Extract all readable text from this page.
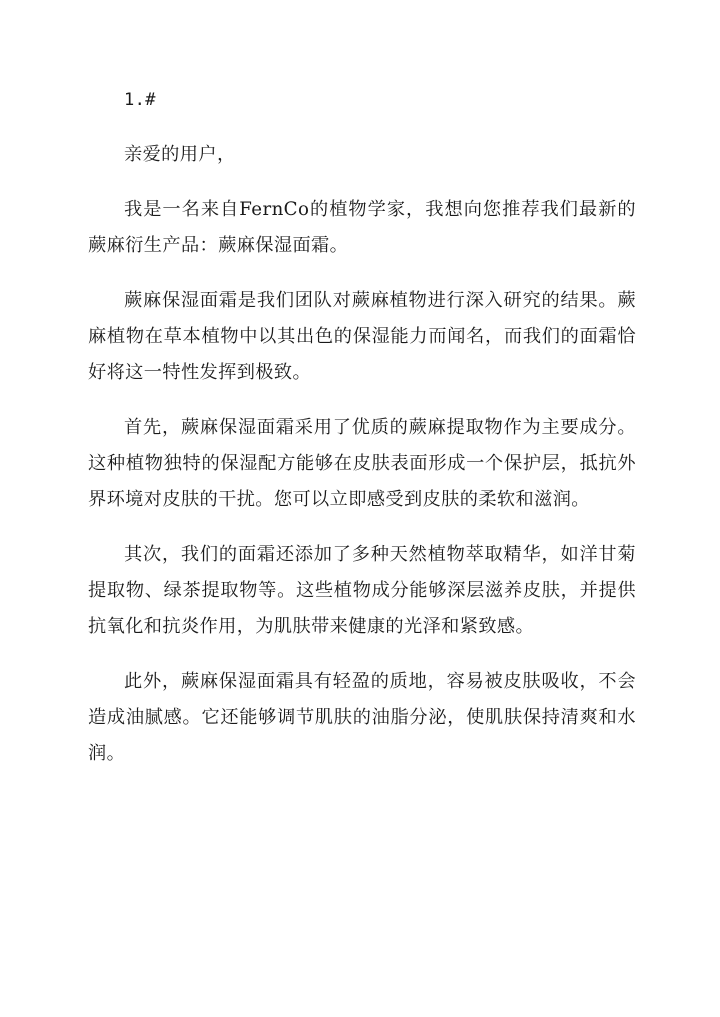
1.#

亲爱的用户，

我是一名来自FernCo的植物学家，我想向您推荐我们最新的蕨麻衍生产品：蕨麻保湿面霜。

蕨麻保湿面霜是我们团队对蕨麻植物进行深入研究的结果。蕨麻植物在草本植物中以其出色的保湿能力而闻名，而我们的面霜恰好将这一特性发挥到极致。

首先，蕨麻保湿面霜采用了优质的蕨麻提取物作为主要成分。这种植物独特的保湿配方能够在皮肤表面形成一个保护层，抵抗外界环境对皮肤的干扰。您可以立即感受到皮肤的柔软和滋润。

其次，我们的面霜还添加了多种天然植物萃取精华，如洋甘菊提取物、绿茶提取物等。这些植物成分能够深层滋养皮肤，并提供抗氧化和抗炎作用，为肌肤带来健康的光泽和紧致感。

此外，蕨麻保湿面霜具有轻盈的质地，容易被皮肤吸收，不会造成油腻感。它还能够调节肌肤的油脂分泌，使肌肤保持清爽和水润。
